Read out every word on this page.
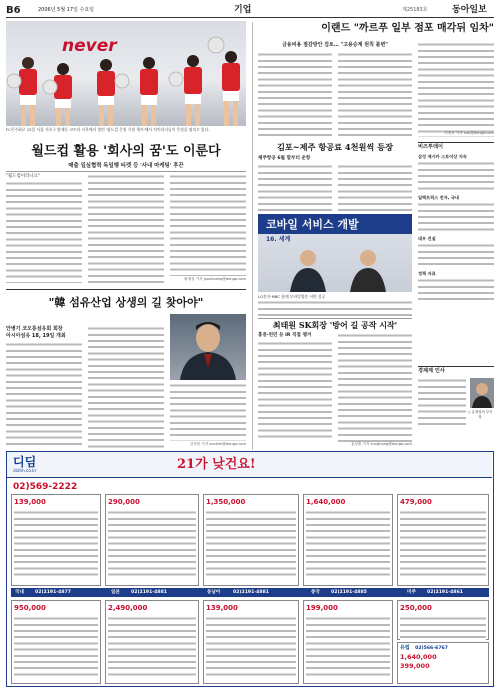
B6	2006년 5월 17일 수요일	기업	제25183호	동아일보
never
FC온주최로 15일 서울 서초구 양재동 코트라 사옥에서 열린 '월드컵 응원 기원 행사'에서 치어리더들이 응원을 펼치고 있다.
월드컵 활용 '회사의 꿈'도 이룬다
매출 일심협력 독일행 티켓 등 '사내 마케팅' 후끈
"월드컵이라니요"
황재성 기자 jsonhoang@donga.com
"韓 섬유산업 상생의 길 찾아야"
안병기 코오롱섬유회 회장
아시아섬유 18, 19일 개최
김석빈 기자 sunkim@donga.com
이랜드 "까르푸 일부 점포 매각뒤 임차"
금융비용 절감방안 검토… "고용승계 원칙 불변"
서정보 기자 suh@donga.com
비즈투데이
삼성 제시카 스토어상 지속
일렉트릭스 전자, 국내
대우 건설
정책 자료
경제계 인사
○ 유재성씨 부사장
김포~제주 항공료 4천원씩 등장
제주항공 6월 말부터 운항
코바일 서비스 개발
16. 세계
LG전자·MBC 함께 모바일방송 서면 성공
최태원 SK회장 '방어 길 공작 시작'
홍콩·런던 등 IR 직접 챙겨
홍성출 기자 sunghong@donga.com
디딤
didim.co.kr	21가 낮건요!
02)569-2222
139,000	290,000	1,350,000	1,640,000	479,000
국내 02)2191-4877	일본 02)2191-4881	동남아	02)2191-4881	중국 02)2191-4885	미주 02)2191-4861
950,000	2,490,000	139,000	199,000	250,000
유럽 02)566-6767
1,640,000
399,000
